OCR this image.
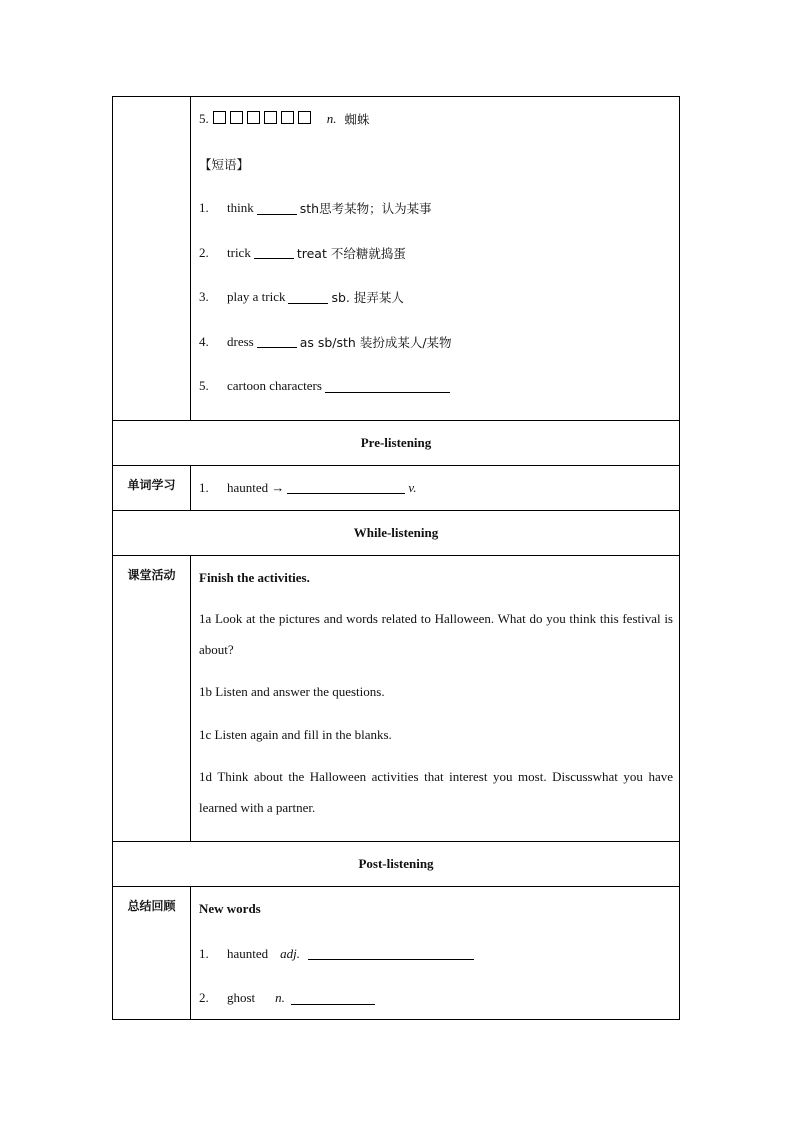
5.	n. 蜘蛛
【短语】
1.	think	sth思考某物；认为某事
2.	trick	treat 不给糖就捣蛋
3.	play a trick	sb. 捉弄某人
4.	dress	as sb/sth 装扮成某人/某物
5.	cartoon characters
Pre-listening
单词学习	1.	haunted →	v.
While-listening
课堂活动	Finish the activities.
1a Look at the pictures and words related to Halloween. What do you think this festival is about?
1b Listen and answer the questions.
1c Listen again and fill in the blanks.
1d Think about the Halloween activities that interest you most. Discusswhat you have learned with a partner.
Post-listening
总结回顾	New words
1.	haunted adj.
2.	ghost n.
